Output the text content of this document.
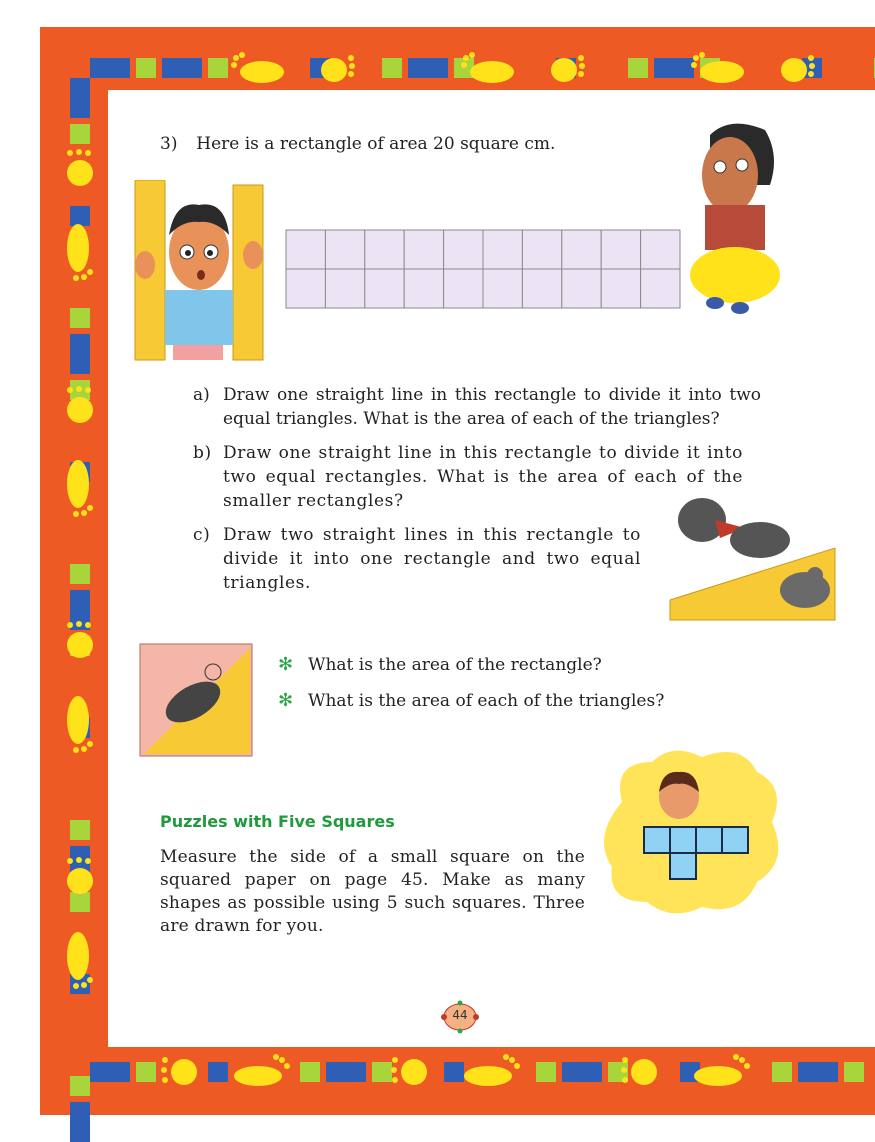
3) Here is a rectangle of area 20 square cm.
a) Draw one straight line in this rectangle to divide it into two equal triangles. What is the area of each of the triangles?
b) Draw one straight line in this rectangle to divide it into two equal rectangles. What is the area of each of the smaller rectangles?
c) Draw two straight lines in this rectangle to divide it into one rectangle and two equal triangles.
✻ What is the area of the rectangle?
✻ What is the area of each of the triangles?
Puzzles with Five Squares
Measure the side of a small square on the squared paper on page 45. Make as many shapes as possible using 5 such squares. Three are drawn for you.
44
